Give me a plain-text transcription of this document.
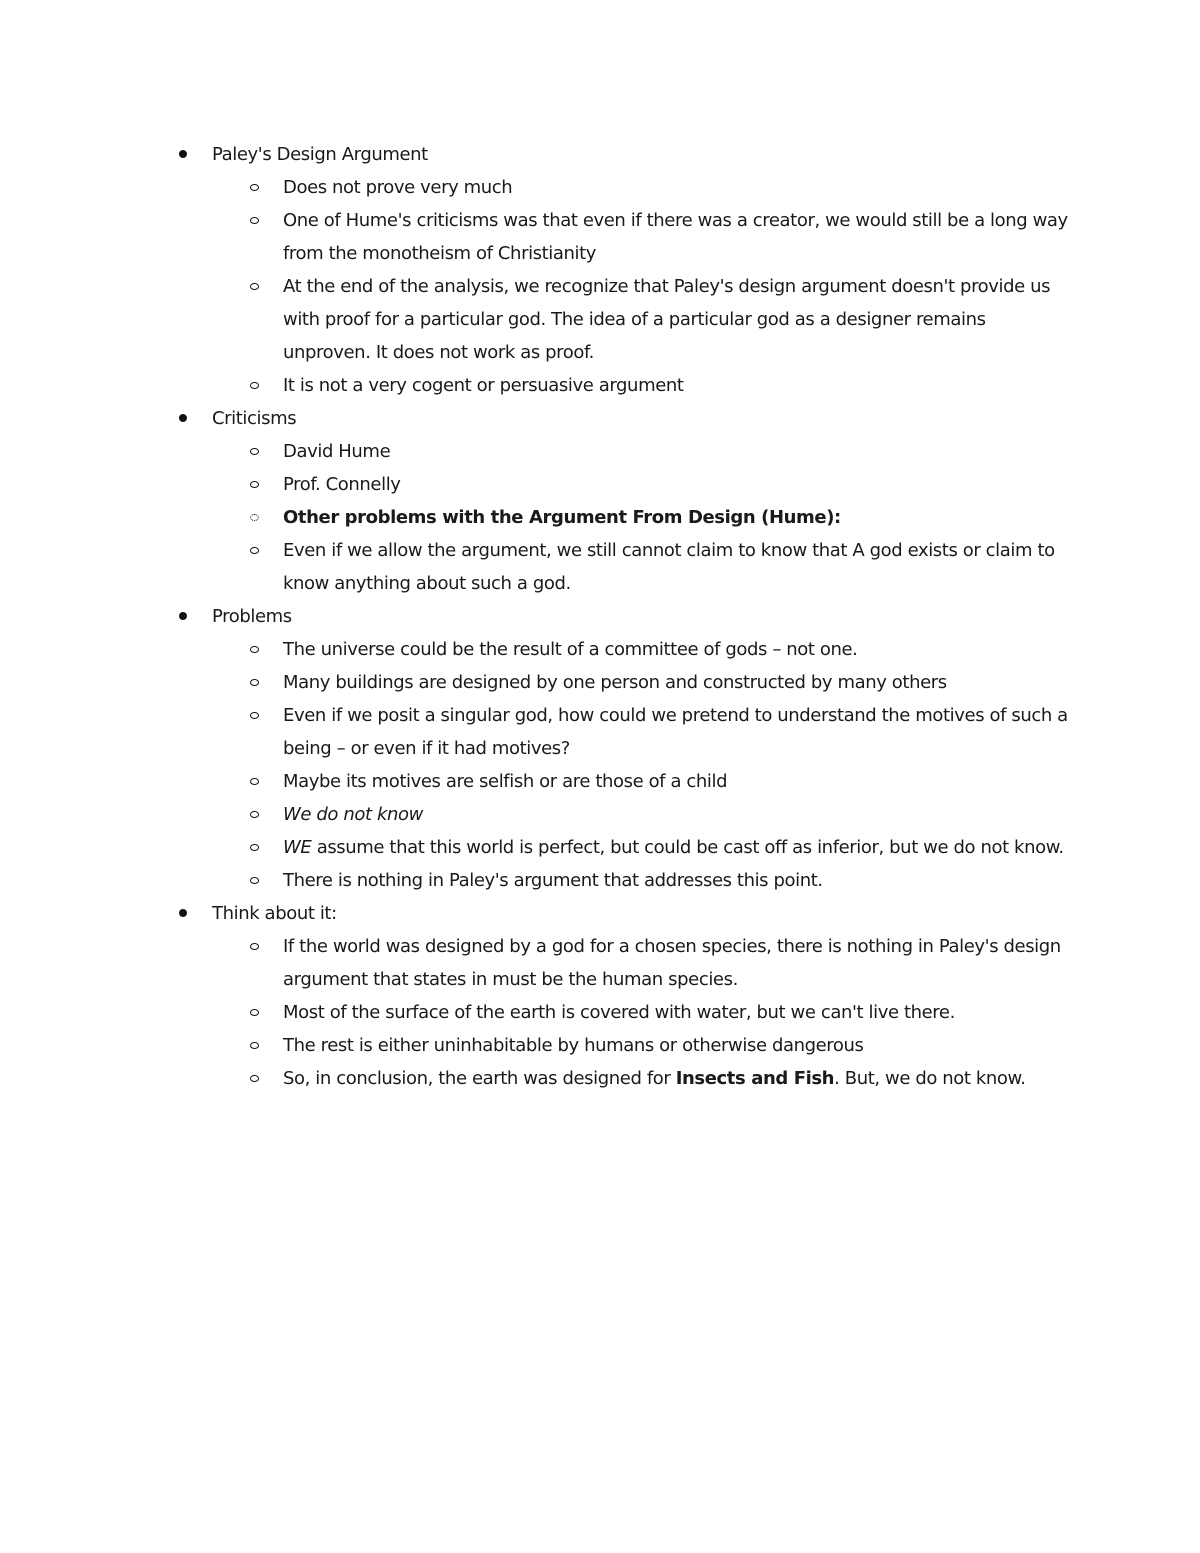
Paley's Design Argument
Does not prove very much
One of Hume's criticisms was that even if there was a creator, we would still be a long way from the monotheism of Christianity
At the end of the analysis, we recognize that Paley's design argument doesn't provide us with proof for a particular god. The idea of a particular god as a designer remains unproven. It does not work as proof.
It is not a very cogent or persuasive argument
Criticisms
David Hume
Prof. Connelly
Other problems with the Argument From Design (Hume):
Even if we allow the argument, we still cannot claim to know that A god exists or claim to know anything about such a god.
Problems
The universe could be the result of a committee of gods – not one.
Many buildings are designed by one person and constructed by many others
Even if we posit a singular god, how could we pretend to understand the motives of such a being – or even if it had motives?
Maybe its motives are selfish or are those of a child
We do not know
WE assume that this world is perfect, but could be cast off as inferior, but we do not know.
There is nothing in Paley's argument that addresses this point.
Think about it:
If the world was designed by a god for a chosen species, there is nothing in Paley's design argument that states in must be the human species.
Most of the surface of the earth is covered with water, but we can't live there.
The rest is either uninhabitable by humans or otherwise dangerous
So, in conclusion, the earth was designed for Insects and Fish. But, we do not know.
